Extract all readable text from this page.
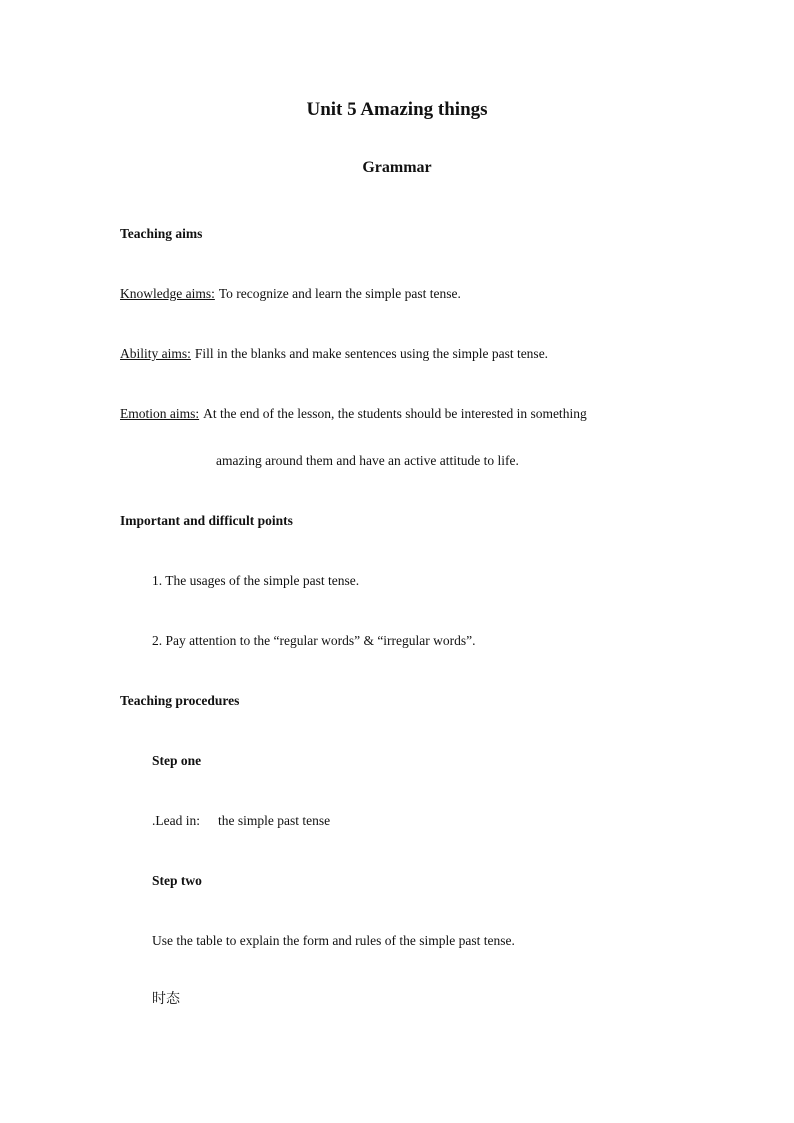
Unit 5 Amazing things
Grammar
Teaching aims
Knowledge aims: To recognize and learn the simple past tense.
Ability aims: Fill in the blanks and make sentences using the simple past tense.
Emotion aims: At the end of the lesson, the students should be interested in something
amazing around them and have an active attitude to life.
Important and difficult points
1. The usages of the simple past tense.
2. Pay attention to the “regular words” & “irregular words”.
Teaching procedures
Step one
.Lead in: the simple past tense
Step two
Use the table to explain the form and rules of the simple past tense.
时态
